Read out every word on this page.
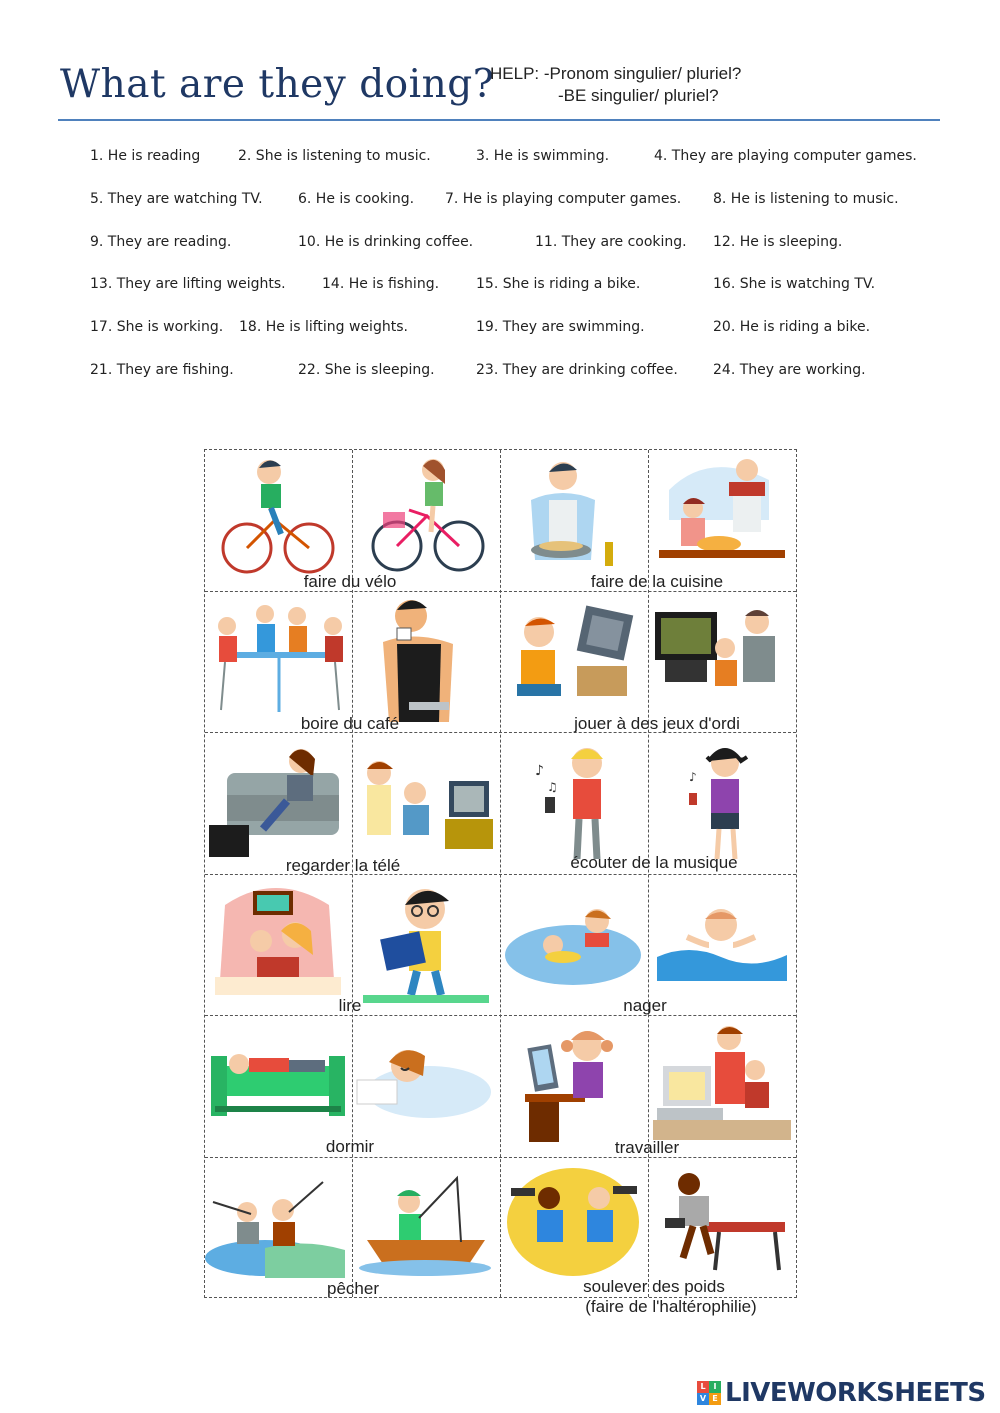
What are they doing?
HELP: -Pronom singulier/ pluriel?
-BE singulier/ pluriel?
1. He is reading	2. She is listening to music.	3. He is swimming.	4. They are playing computer games.
5. They are watching TV.	6. He is cooking. 7. He is playing computer games. 8. He is listening to music.
9. They are reading.	10. He is drinking coffee.	11. They are cooking. 12. He is sleeping.
13. They are lifting weights.	14. He is fishing.	15. She is riding a bike.	16. She is watching TV.
17. She is working. 18. He is lifting weights.	19. They are swimming.	20. He is riding a bike.
21. They are fishing.	22. She is sleeping.	23. They are drinking coffee.	24. They are working.
♪
♫
♪
faire du vélo	faire de la cuisine
boire du café	jouer à des jeux d'ordi
regarder la télé	écouter de la musique
lire	nager
dormir	travailler
pêcher	soulever des poids
(faire de l'haltérophilie)
L I
V E LIVEWORKSHEETS
